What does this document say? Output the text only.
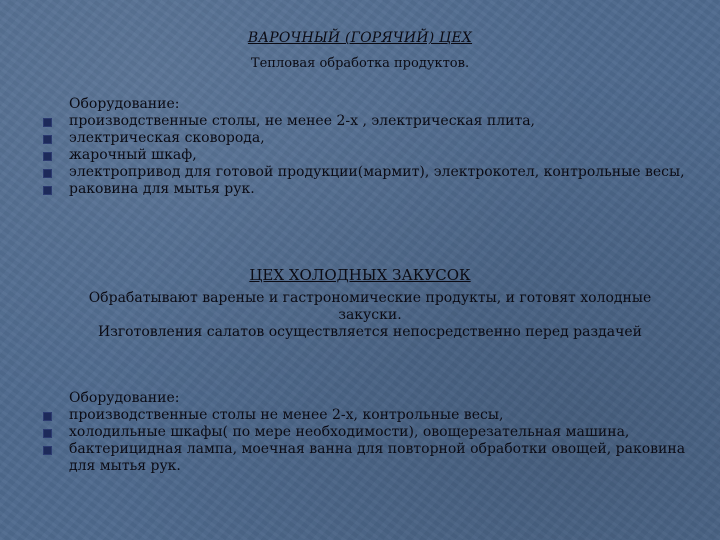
ВАРОЧНЫЙ (ГОРЯЧИЙ) ЦЕХ
Тепловая обработка продуктов.

Оборудование:

производственные столы, не менее 2-х , электрическая плита,

электрическая сковорода,

жарочный шкаф,

электропривод для готовой продукции(мармит), электрокотел, контрольные весы,

раковина для мытья рук.

ЦЕХ ХОЛОДНЫХ ЗАКУСОК
Обрабатывают вареные и гастрономические продукты, и готовят холодные закуски.
Изготовления салатов осуществляется непосредственно перед раздачей

Оборудование:

производственные столы не менее 2-х, контрольные весы,

холодильные шкафы( по мере необходимости), овощерезательная машина,

бактерицидная лампа, моечная ванна для повторной обработки овощей, раковина для мытья рук.
